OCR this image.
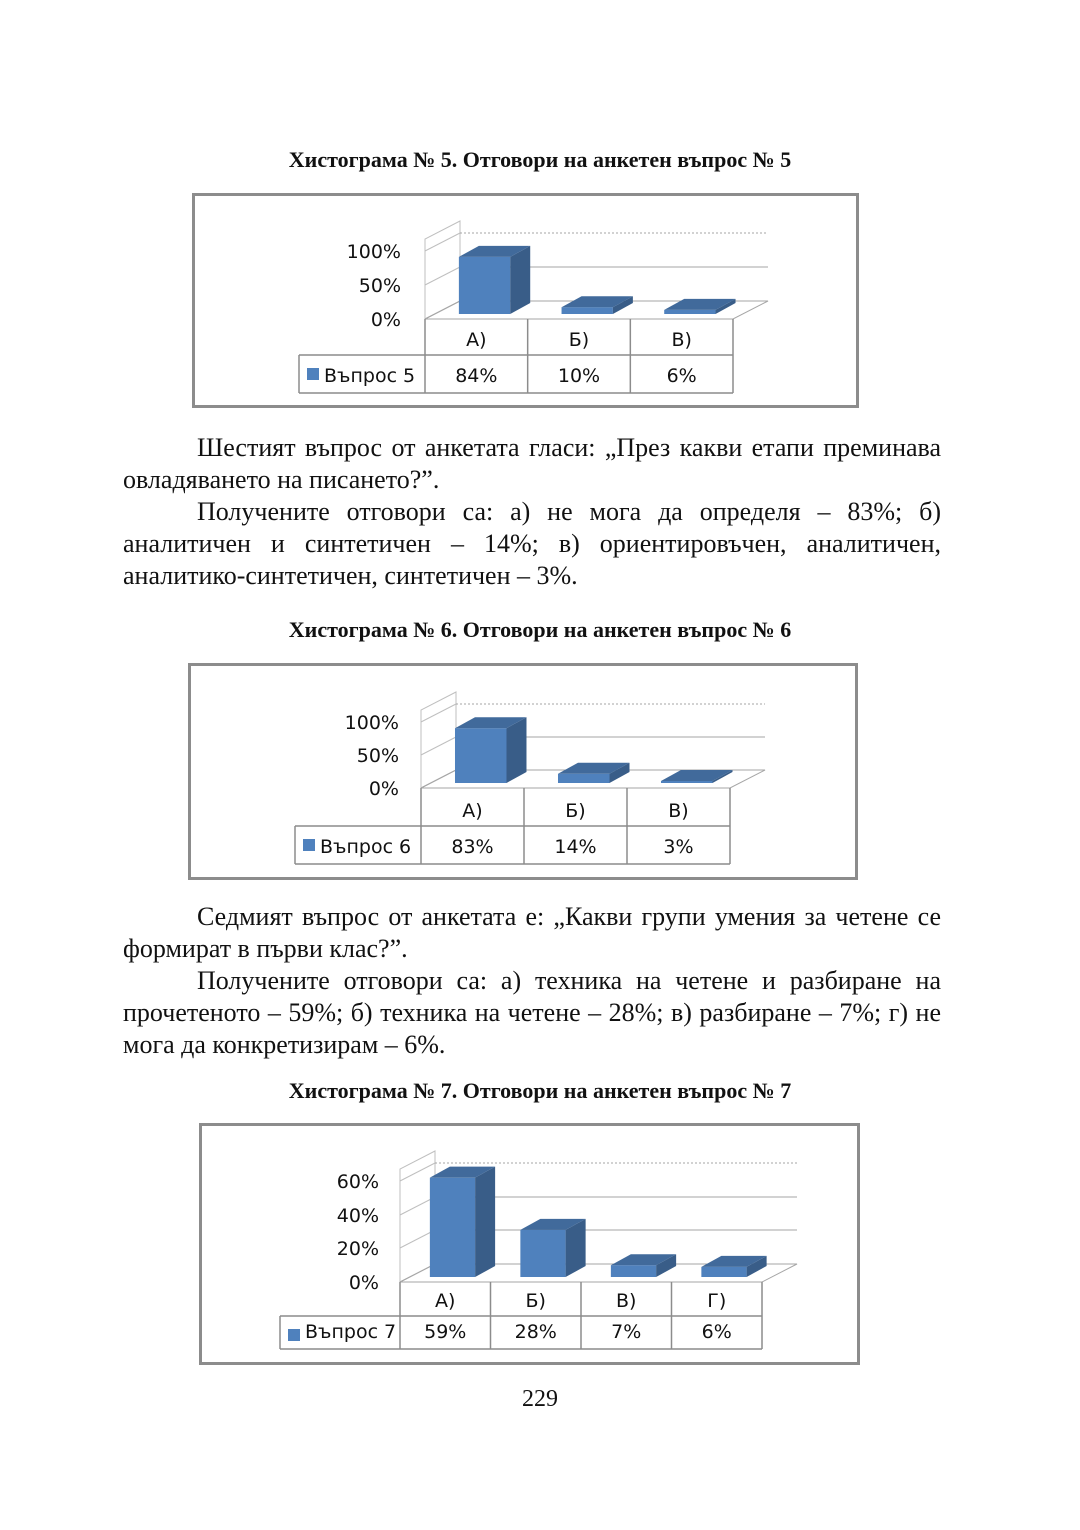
Хистограма № 5. Отговори на анкетен въпрос № 5
0%
50%
100%
А)
84%
Б)
10%
В)
6%
Въпрос 5

Шестият въпрос от анкетата гласи: „През какви етапи преминава овладяването на писането?”.

Получените отговори са: а) не мога да определя – 83%; б) аналитичен и синтетичен – 14%; в) ориентировъчен, аналитичен, аналитико-синтетичен, синтетичен – 3%.

Хистограма № 6. Отговори на анкетен въпрос № 6
0%
50%
100%
А)
83%
Б)
14%
В)
3%
Въпрос 6

Седмият въпрос от анкетата е: „Какви групи умения за четене се формират в първи клас?”.

Получените отговори са: а) техника на четене и разбиране на прочетеното – 59%; б) техника на четене – 28%; в) разбиране – 7%; г) не мога да конкретизирам – 6%.

Хистограма № 7. Отговори на анкетен въпрос № 7
0%
20%
40%
60%
А)
59%
Б)
28%
В)
7%
Г)
6%
Въпрос 7
229
